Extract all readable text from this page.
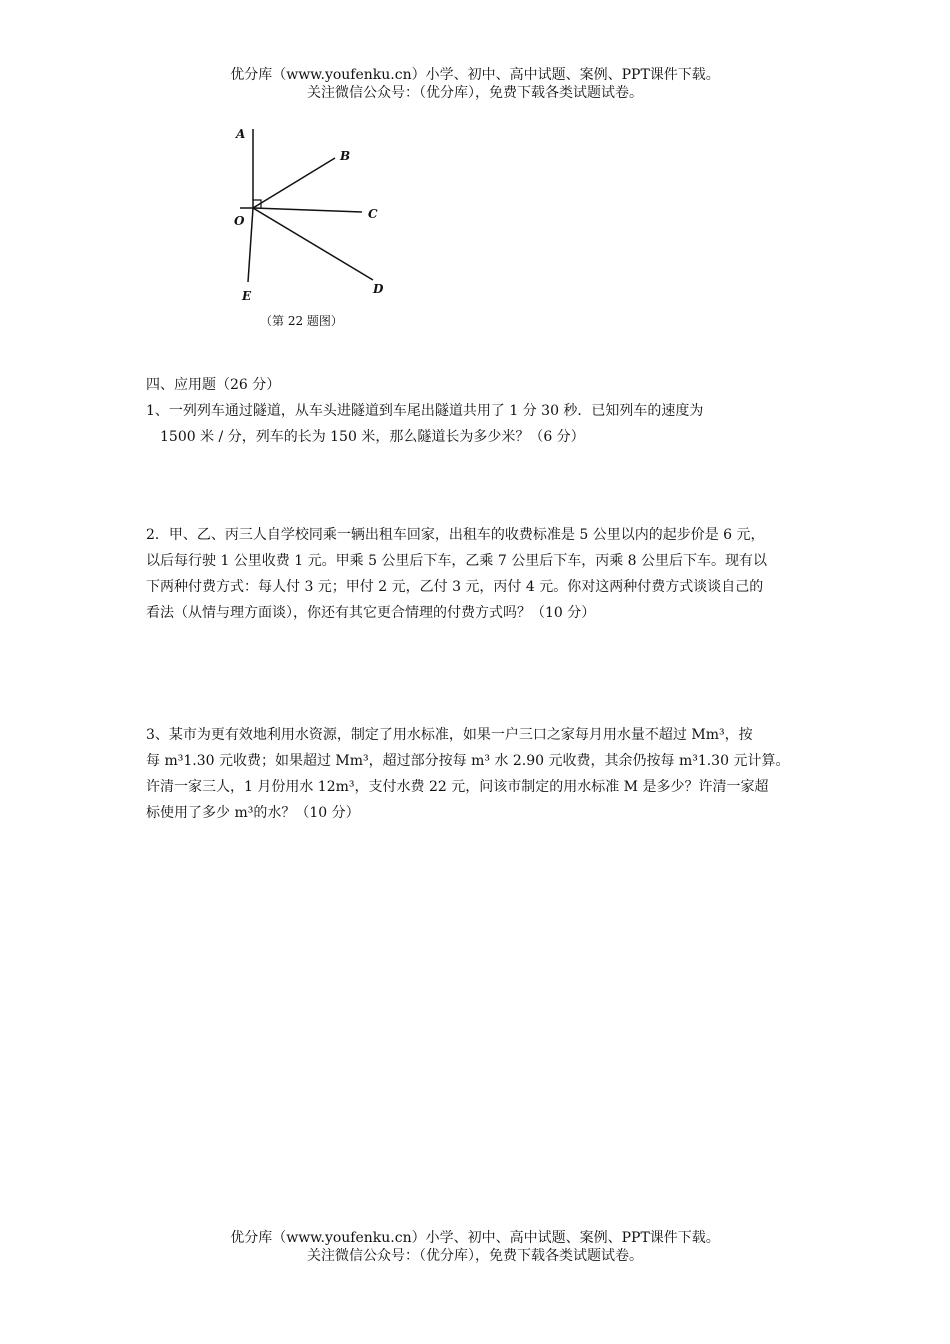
优分库（www.youfenku.cn）小学、初中、高中试题、案例、PPT课件下载。
关注微信公众号：（优分库），免费下载各类试题试卷。
A
B
C
O
D
E
（第 22 题图）
四、应用题（26 分）

1、一列列车通过隧道，从车头进隧道到车尾出隧道共用了 1 分 30 秒．已知列车的速度为

1500 米 / 分，列车的长为 150 米，那么隧道长为多少米？（6 分）

2．甲、乙、丙三人自学校同乘一辆出租车回家，出租车的收费标准是 5 公里以内的起步价是 6 元，

以后每行驶 1 公里收费 1 元。甲乘 5 公里后下车，乙乘 7 公里后下车，丙乘 8 公里后下车。现有以

下两种付费方式：每人付 3 元；甲付 2 元，乙付 3 元，丙付 4 元。你对这两种付费方式谈谈自己的

看法（从情与理方面谈），你还有其它更合情理的付费方式吗？（10 分）

3、某市为更有效地利用水资源，制定了用水标准，如果一户三口之家每月用水量不超过 Mm³，按

每 m³1.30 元收费；如果超过 Mm³，超过部分按每 m³ 水 2.90 元收费，其余仍按每 m³1.30 元计算。

许清一家三人，1 月份用水 12m³，支付水费 22 元，问该市制定的用水标准 M 是多少？许清一家超

标使用了多少 m³的水？（10 分）

优分库（www.youfenku.cn）小学、初中、高中试题、案例、PPT课件下载。
关注微信公众号：（优分库），免费下载各类试题试卷。
